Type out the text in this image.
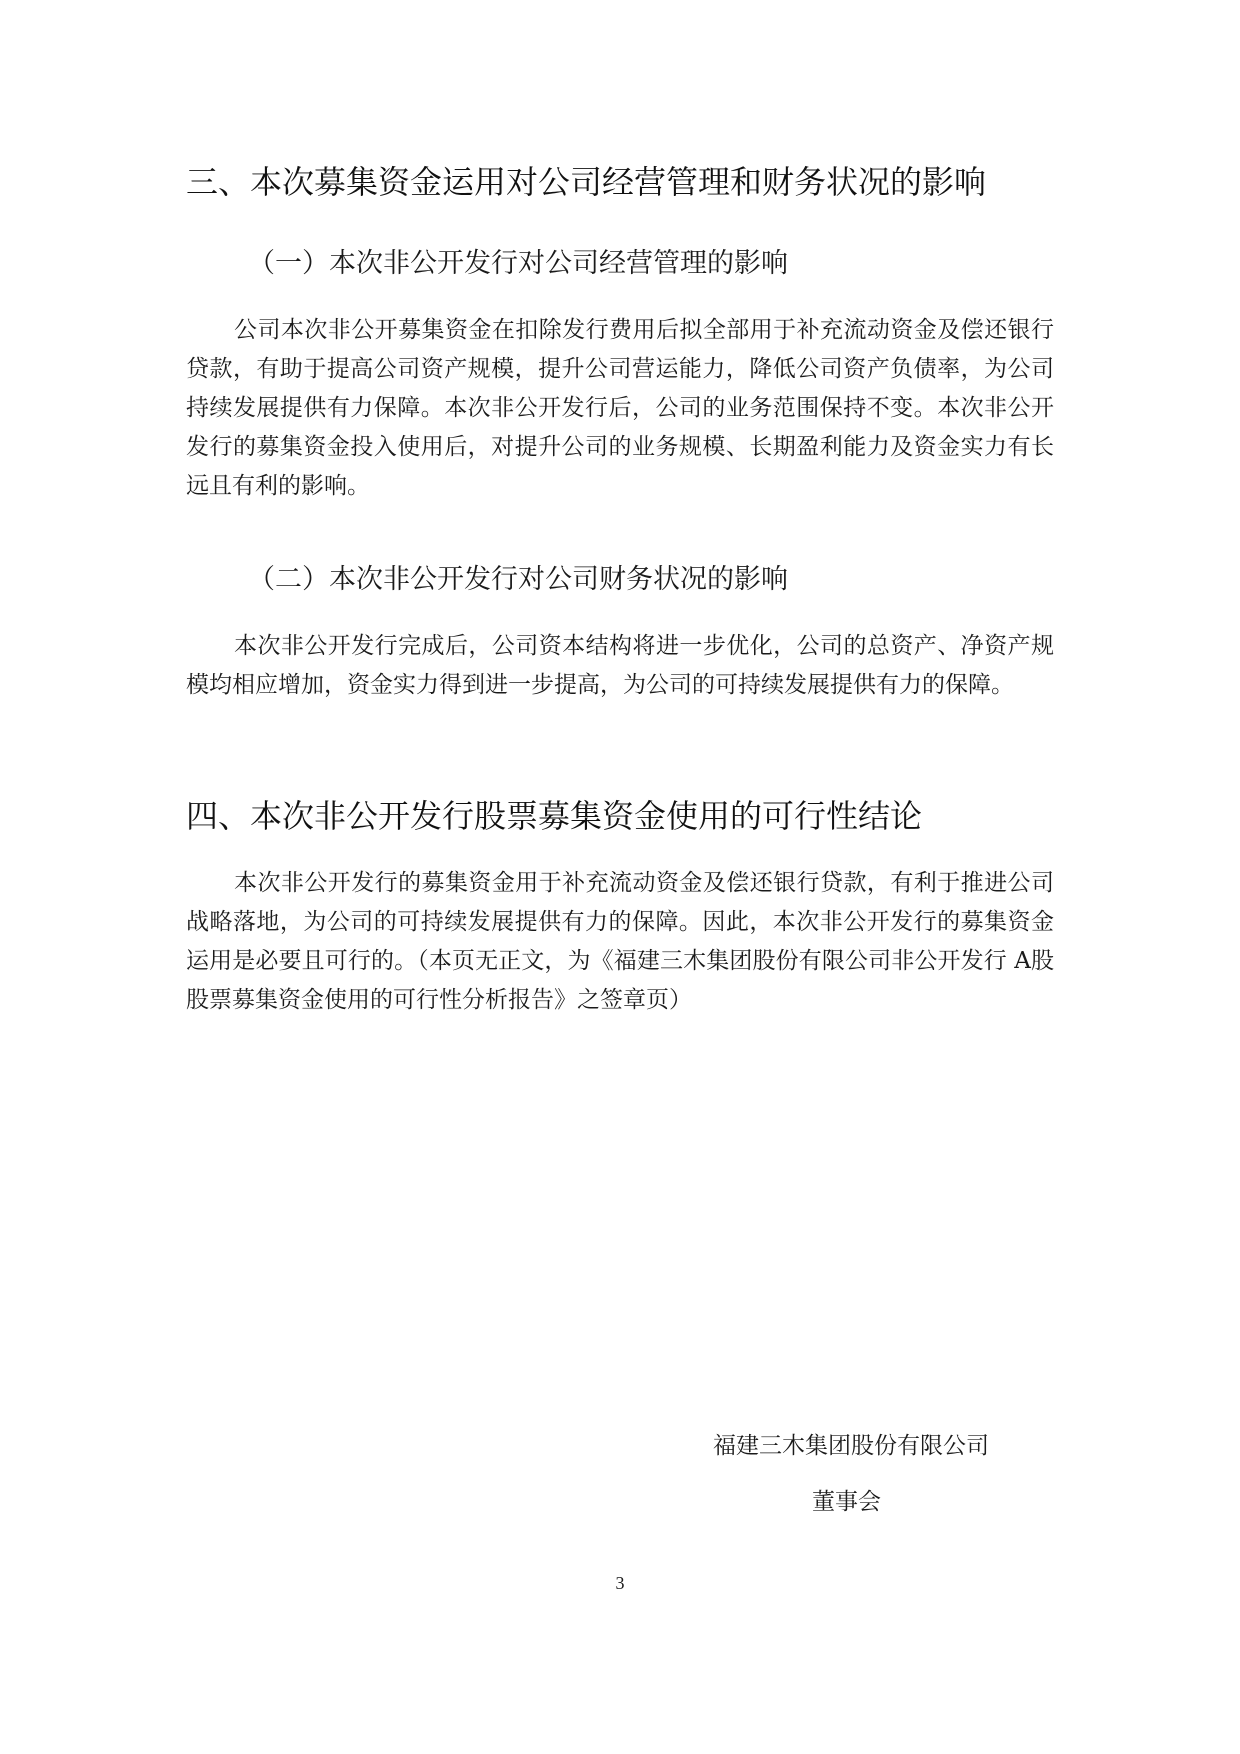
三、本次募集资金运用对公司经营管理和财务状况的影响
（一）本次非公开发行对公司经营管理的影响

公司本次非公开募集资金在扣除发行费用后拟全部用于补充流动资金及偿还银行贷款，有助于提高公司资产规模，提升公司营运能力，降低公司资产负债率，为公司持续发展提供有力保障。本次非公开发行后，公司的业务范围保持不变。本次非公开发行的募集资金投入使用后，对提升公司的业务规模、长期盈利能力及资金实力有长远且有利的影响。

（二）本次非公开发行对公司财务状况的影响

本次非公开发行完成后，公司资本结构将进一步优化，公司的总资产、净资产规模均相应增加，资金实力得到进一步提高，为公司的可持续发展提供有力的保障。

四、本次非公开发行股票募集资金使用的可行性结论

本次非公开发行的募集资金用于补充流动资金及偿还银行贷款，有利于推进公司战略落地，为公司的可持续发展提供有力的保障。因此，本次非公开发行的募集资金运用是必要且可行的。（本页无正文，为《福建三木集团股份有限公司非公开发行 A股股票募集资金使用的可行性分析报告》之签章页）

福建三木集团股份有限公司
董事会
3
